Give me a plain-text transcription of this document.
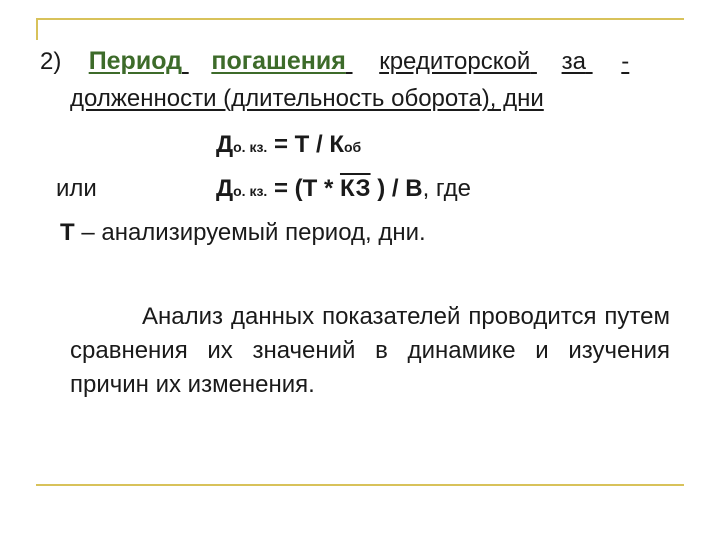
2) Период погашения кредиторской за -
долженности (длительность оборота), дни
До. кз. = Т / Коб
или	До. кз. = (Т * КЗ ) / В, где
Т – анализируемый период, дни.
Анализ данных показателей проводится путем сравнения их значений в динамике и изучения причин их изменения.
